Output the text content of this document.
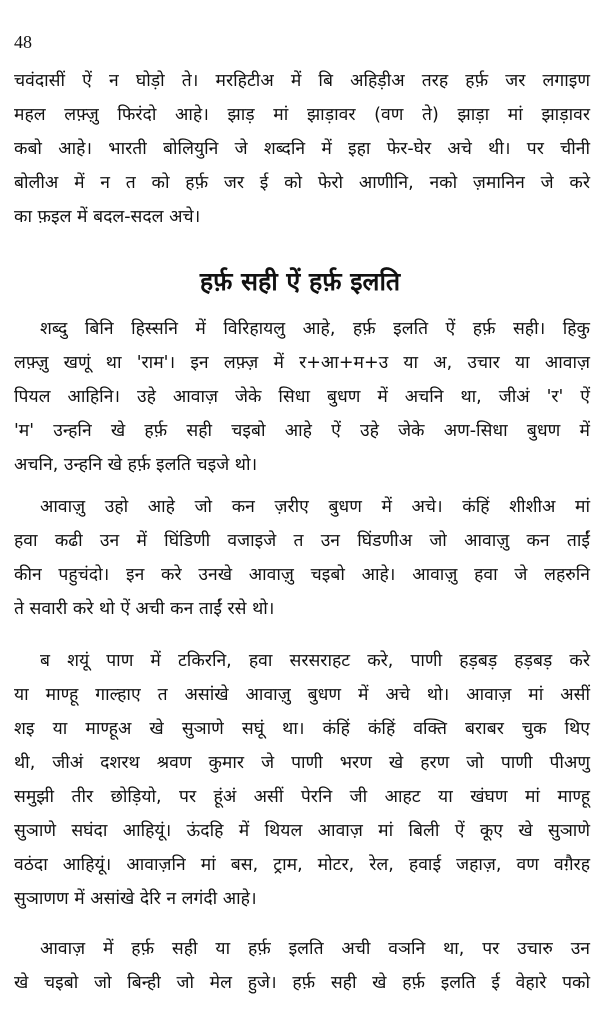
48
चवंदासीं ऐं न घोड़ो ते। मरहिटीअ में बि अहिड़ीअ तरह हर्फ़ जर लगाइण
महल लफ़्ज़ु फिरंदो आहे। झाड़ मां झाड़ावर (वण ते) झाड़ा मां झाड़ावर
कबो आहे। भारती बोलियुनि जे शब्दनि में इहा फेर-घेर अचे थी। पर चीनी
बोलीअ में न त को हर्फ़ जर ई को फेरो आणीनि, नको ज़मानिन जे करे
का फ़इल में बदल-सदल अचे।
हर्फ़ सही ऐं हर्फ़ इलति
शब्दु बिनि हिस्सनि में विरिहायलु आहे, हर्फ़ इलति ऐं हर्फ़ सही। हिकु
लफ़्ज़ु खणूं था 'राम'। इन लफ़्ज़ में र+आ+म+उ या अ, उचार या आवाज़
पियल आहिनि। उहे आवाज़ जेके सिधा बुधण में अचनि था, जीअं 'र' ऐं
'म' उन्हनि खे हर्फ़ सही चइबो आहे ऐं उहे जेके अण-सिधा बुधण में
अचनि, उन्हनि खे हर्फ़ इलति चइजे थो।
आवाज़ु उहो आहे जो कन ज़रीए बुधण में अचे। कंहिं शीशीअ मां
हवा कढी उन में घिंडिणी वजाइजे त उन घिंडणीअ जो आवाज़ु कन ताईं
कीन पहुचंदो। इन करे उनखे आवाज़ु चइबो आहे। आवाज़ु हवा जे लहरुनि
ते सवारी करे थो ऐं अची कन ताईं रसे थो।
ब शयूं पाण में टकिरनि, हवा सरसराहट करे, पाणी हड़बड़ हड़बड़ करे
या माण्हू गाल्हाए त असांखे आवाज़ु बुधण में अचे थो। आवाज़ मां असीं
शइ या माण्हूअ खे सुञाणे सघूं था। कंहिं कंहिं वक्ति बराबर चुक थिए
थी, जीअं दशरथ श्रवण कुमार जे पाणी भरण खे हरण जो पाणी पीअणु
समुझी तीर छोड़ियो, पर हूंअं असीं पेरनि जी आहट या खंघण मां माण्हू
सुञाणे सघंदा आहियूं। ऊंदहि में थियल आवाज़ मां बिली ऐं कूए खे सुञाणे
वठंदा आहियूं। आवाज़नि मां बस, ट्राम, मोटर, रेल, हवाई जहाज़, वण वग़ैरह
सुञाणण में असांखे देरि न लगंदी आहे।
आवाज़ में हर्फ़ सही या हर्फ़ इलति अची वञनि था, पर उचारु उन
खे चइबो जो बिन्ही जो मेल हुजे। हर्फ़ सही खे हर्फ़ इलति ई वेहारे पको
